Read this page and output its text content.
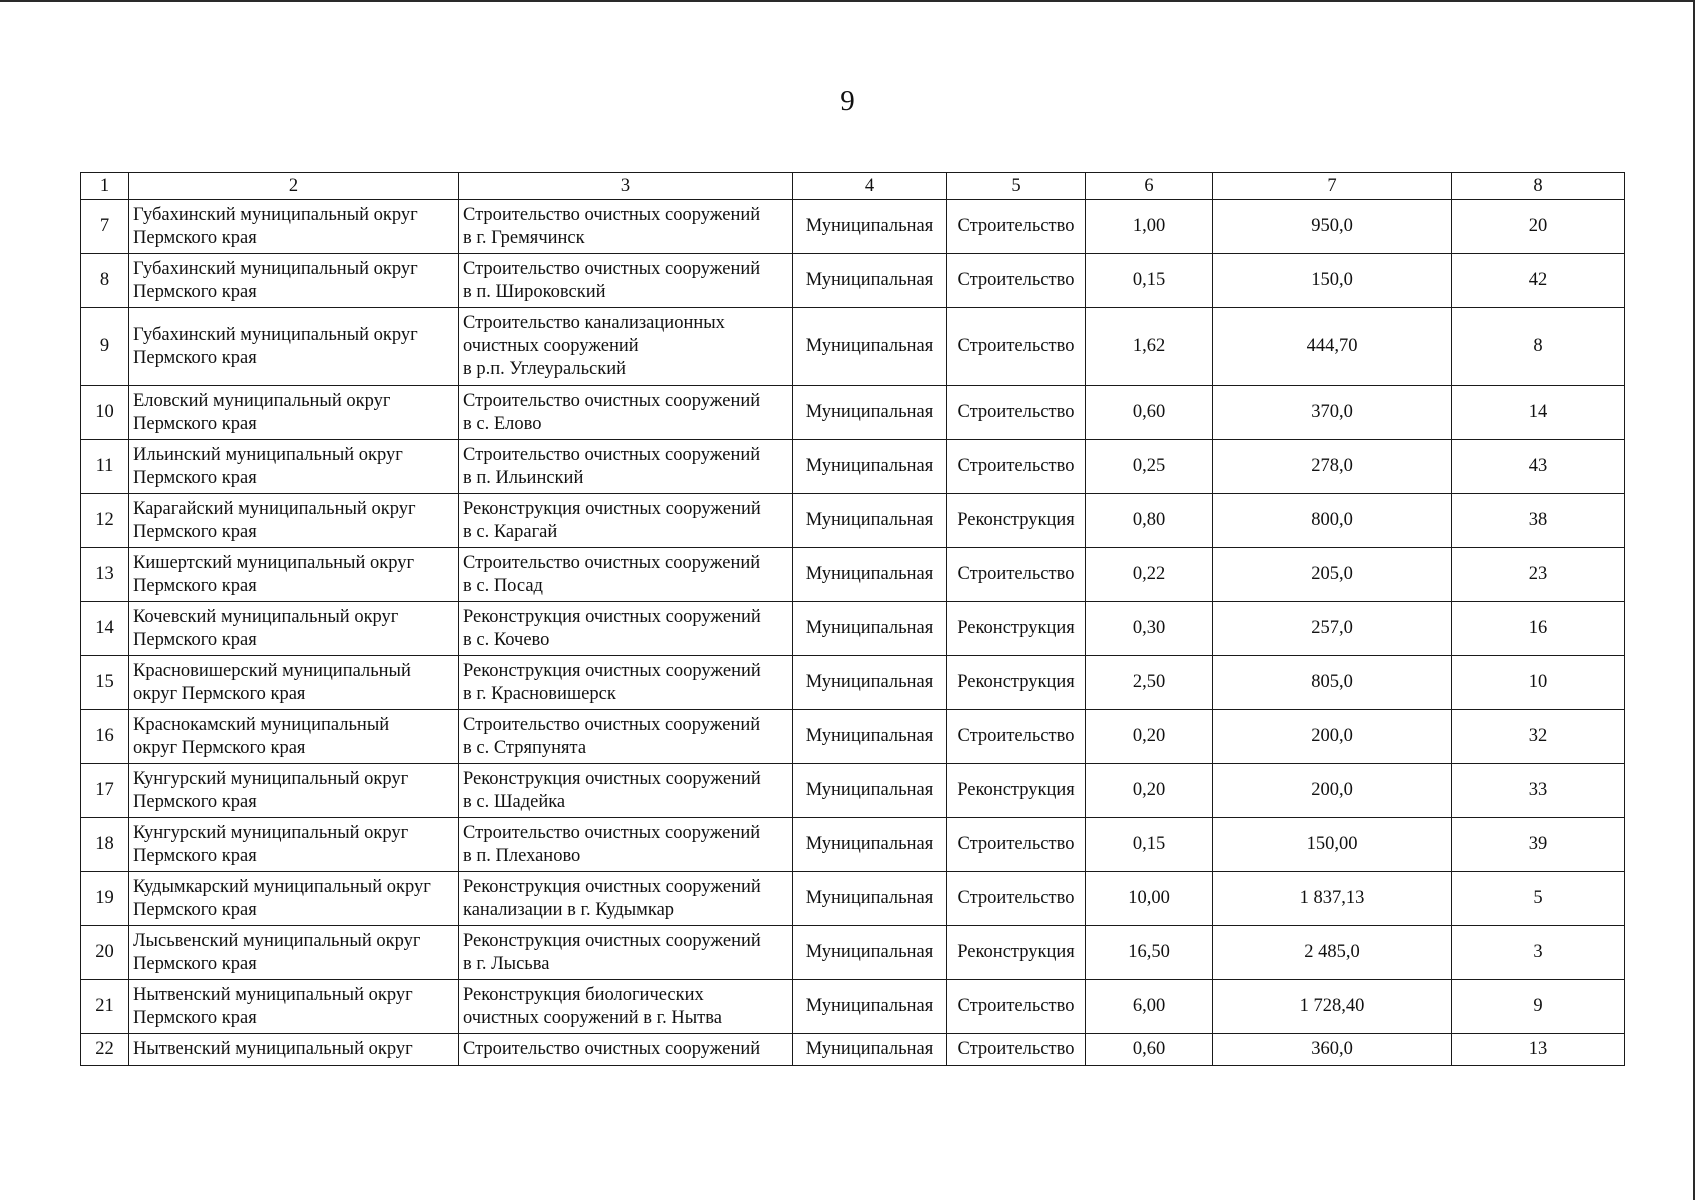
9
1	2	3	4	5	6	7	8
7	Губахинский муниципальный округ
Пермского края	Строительство очистных сооружений
в г. Гремячинск	Муниципальная	Строительство	1,00	950,0	20
8	Губахинский муниципальный округ
Пермского края	Строительство очистных сооружений
в п. Широковский	Муниципальная	Строительство	0,15	150,0	42
9	Губахинский муниципальный округ
Пермского края	Строительство канализационных
очистных сооружений
в р.п. Углеуральский	Муниципальная	Строительство	1,62	444,70	8
10	Еловский муниципальный округ
Пермского края	Строительство очистных сооружений
в с. Елово	Муниципальная	Строительство	0,60	370,0	14
11	Ильинский муниципальный округ
Пермского края	Строительство очистных сооружений
в п. Ильинский	Муниципальная	Строительство	0,25	278,0	43
12	Карагайский муниципальный округ
Пермского края	Реконструкция очистных сооружений
в с. Карагай	Муниципальная	Реконструкция	0,80	800,0	38
13	Кишертский муниципальный округ
Пермского края	Строительство очистных сооружений
в с. Посад	Муниципальная	Строительство	0,22	205,0	23
14	Кочевский муниципальный округ
Пермского края	Реконструкция очистных сооружений
в с. Кочево	Муниципальная	Реконструкция	0,30	257,0	16
15	Красновишерский муниципальный
округ Пермского края	Реконструкция очистных сооружений
в г. Красновишерск	Муниципальная	Реконструкция	2,50	805,0	10
16	Краснокамский муниципальный
округ Пермского края	Строительство очистных сооружений
в с. Стряпунята	Муниципальная	Строительство	0,20	200,0	32
17	Кунгурский муниципальный округ
Пермского края	Реконструкция очистных сооружений
в с. Шадейка	Муниципальная	Реконструкция	0,20	200,0	33
18	Кунгурский муниципальный округ
Пермского края	Строительство очистных сооружений
в п. Плеханово	Муниципальная	Строительство	0,15	150,00	39
19	Кудымкарский муниципальный округ
Пермского края	Реконструкция очистных сооружений
канализации в г. Кудымкар	Муниципальная	Строительство	10,00	1 837,13	5
20	Лысьвенский муниципальный округ
Пермского края	Реконструкция очистных сооружений
в г. Лысьва	Муниципальная	Реконструкция	16,50	2 485,0	3
21	Нытвенский муниципальный округ
Пермского края	Реконструкция биологических
очистных сооружений в г. Нытва	Муниципальная	Строительство	6,00	1 728,40	9
22	Нытвенский муниципальный округ	Строительство очистных сооружений	Муниципальная	Строительство	0,60	360,0	13
